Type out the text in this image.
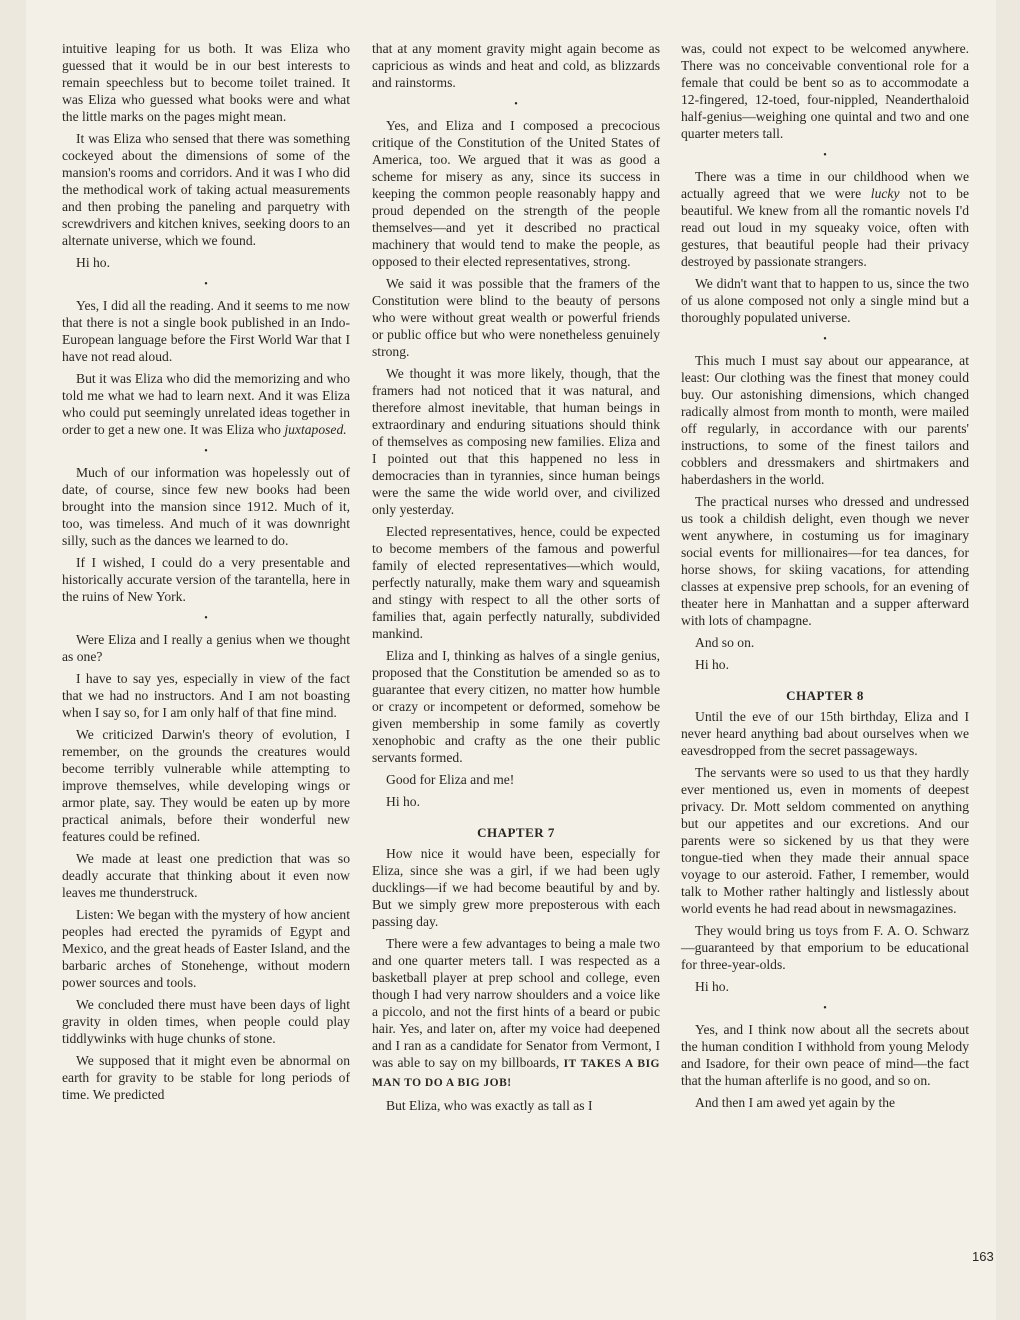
intuitive leaping for us both. It was Eliza who guessed that it would be in our best interests to remain speechless but to become toilet trained. It was Eliza who guessed what books were and what the little marks on the pages might mean.

It was Eliza who sensed that there was something cockeyed about the dimensions of some of the mansion's rooms and corridors. And it was I who did the methodical work of taking actual measurements and then probing the paneling and parquetry with screwdrivers and kitchen knives, seeking doors to an alternate universe, which we found.

Hi ho.

•

Yes, I did all the reading. And it seems to me now that there is not a single book published in an Indo-European language before the First World War that I have not read aloud.

But it was Eliza who did the memorizing and who told me what we had to learn next. And it was Eliza who could put seemingly unrelated ideas together in order to get a new one. It was Eliza who juxtaposed.

•

Much of our information was hopelessly out of date, of course, since few new books had been brought into the mansion since 1912. Much of it, too, was timeless. And much of it was downright silly, such as the dances we learned to do.

If I wished, I could do a very presentable and historically accurate version of the tarantella, here in the ruins of New York.

•

Were Eliza and I really a genius when we thought as one?

I have to say yes, especially in view of the fact that we had no instructors. And I am not boasting when I say so, for I am only half of that fine mind.

We criticized Darwin's theory of evolution, I remember, on the grounds the creatures would become terribly vulnerable while attempting to improve themselves, while developing wings or armor plate, say. They would be eaten up by more practical animals, before their wonderful new features could be refined.

We made at least one prediction that was so deadly accurate that thinking about it even now leaves me thunderstruck.

Listen: We began with the mystery of how ancient peoples had erected the pyramids of Egypt and Mexico, and the great heads of Easter Island, and the barbaric arches of Stonehenge, without modern power sources and tools.

We concluded there must have been days of light gravity in olden times, when people could play tiddlywinks with huge chunks of stone.

We supposed that it might even be abnormal on earth for gravity to be stable for long periods of time. We predicted

that at any moment gravity might again become as capricious as winds and heat and cold, as blizzards and rainstorms.

•

Yes, and Eliza and I composed a precocious critique of the Constitution of the United States of America, too. We argued that it was as good a scheme for misery as any, since its success in keeping the common people reasonably happy and proud depended on the strength of the people themselves—and yet it described no practical machinery that would tend to make the people, as opposed to their elected representatives, strong.

We said it was possible that the framers of the Constitution were blind to the beauty of persons who were without great wealth or powerful friends or public office but who were nonetheless genuinely strong.

We thought it was more likely, though, that the framers had not noticed that it was natural, and therefore almost inevitable, that human beings in extraordinary and enduring situations should think of themselves as composing new families. Eliza and I pointed out that this happened no less in democracies than in tyrannies, since human beings were the same the wide world over, and civilized only yesterday.

Elected representatives, hence, could be expected to become members of the famous and powerful family of elected representatives—which would, perfectly naturally, make them wary and squeamish and stingy with respect to all the other sorts of families that, again perfectly naturally, subdivided mankind.

Eliza and I, thinking as halves of a single genius, proposed that the Constitution be amended so as to guarantee that every citizen, no matter how humble or crazy or incompetent or deformed, somehow be given membership in some family as covertly xenophobic and crafty as the one their public servants formed.

Good for Eliza and me!

Hi ho.

CHAPTER 7

How nice it would have been, especially for Eliza, since she was a girl, if we had been ugly ducklings—if we had become beautiful by and by. But we simply grew more preposterous with each passing day.

There were a few advantages to being a male two and one quarter meters tall. I was respected as a basketball player at prep school and college, even though I had very narrow shoulders and a voice like a piccolo, and not the first hints of a beard or pubic hair. Yes, and later on, after my voice had deepened and I ran as a candidate for Senator from Vermont, I was able to say on my billboards, IT TAKES A BIG MAN TO DO A BIG JOB!

But Eliza, who was exactly as tall as I

was, could not expect to be welcomed anywhere. There was no conceivable conventional role for a female that could be bent so as to accommodate a 12-fingered, 12-toed, four-nippled, Neanderthaloid half-genius—weighing one quintal and two and one quarter meters tall.

•

There was a time in our childhood when we actually agreed that we were lucky not to be beautiful. We knew from all the romantic novels I'd read out loud in my squeaky voice, often with gestures, that beautiful people had their privacy destroyed by passionate strangers.

We didn't want that to happen to us, since the two of us alone composed not only a single mind but a thoroughly populated universe.

•

This much I must say about our appearance, at least: Our clothing was the finest that money could buy. Our astonishing dimensions, which changed radically almost from month to month, were mailed off regularly, in accordance with our parents' instructions, to some of the finest tailors and cobblers and dressmakers and shirtmakers and haberdashers in the world.

The practical nurses who dressed and undressed us took a childish delight, even though we never went anywhere, in costuming us for imaginary social events for millionaires—for tea dances, for horse shows, for skiing vacations, for attending classes at expensive prep schools, for an evening of theater here in Manhattan and a supper afterward with lots of champagne.

And so on.

Hi ho.

CHAPTER 8

Until the eve of our 15th birthday, Eliza and I never heard anything bad about ourselves when we eavesdropped from the secret passageways.

The servants were so used to us that they hardly ever mentioned us, even in moments of deepest privacy. Dr. Mott seldom commented on anything but our appetites and our excretions. And our parents were so sickened by us that they were tongue-tied when they made their annual space voyage to our asteroid. Father, I remember, would talk to Mother rather haltingly and listlessly about world events he had read about in newsmagazines.

They would bring us toys from F. A. O. Schwarz—guaranteed by that emporium to be educational for three-year-olds.

Hi ho.

•

Yes, and I think now about all the secrets about the human condition I withhold from young Melody and Isadore, for their own peace of mind—the fact that the human afterlife is no good, and so on.

And then I am awed yet again by the

163
